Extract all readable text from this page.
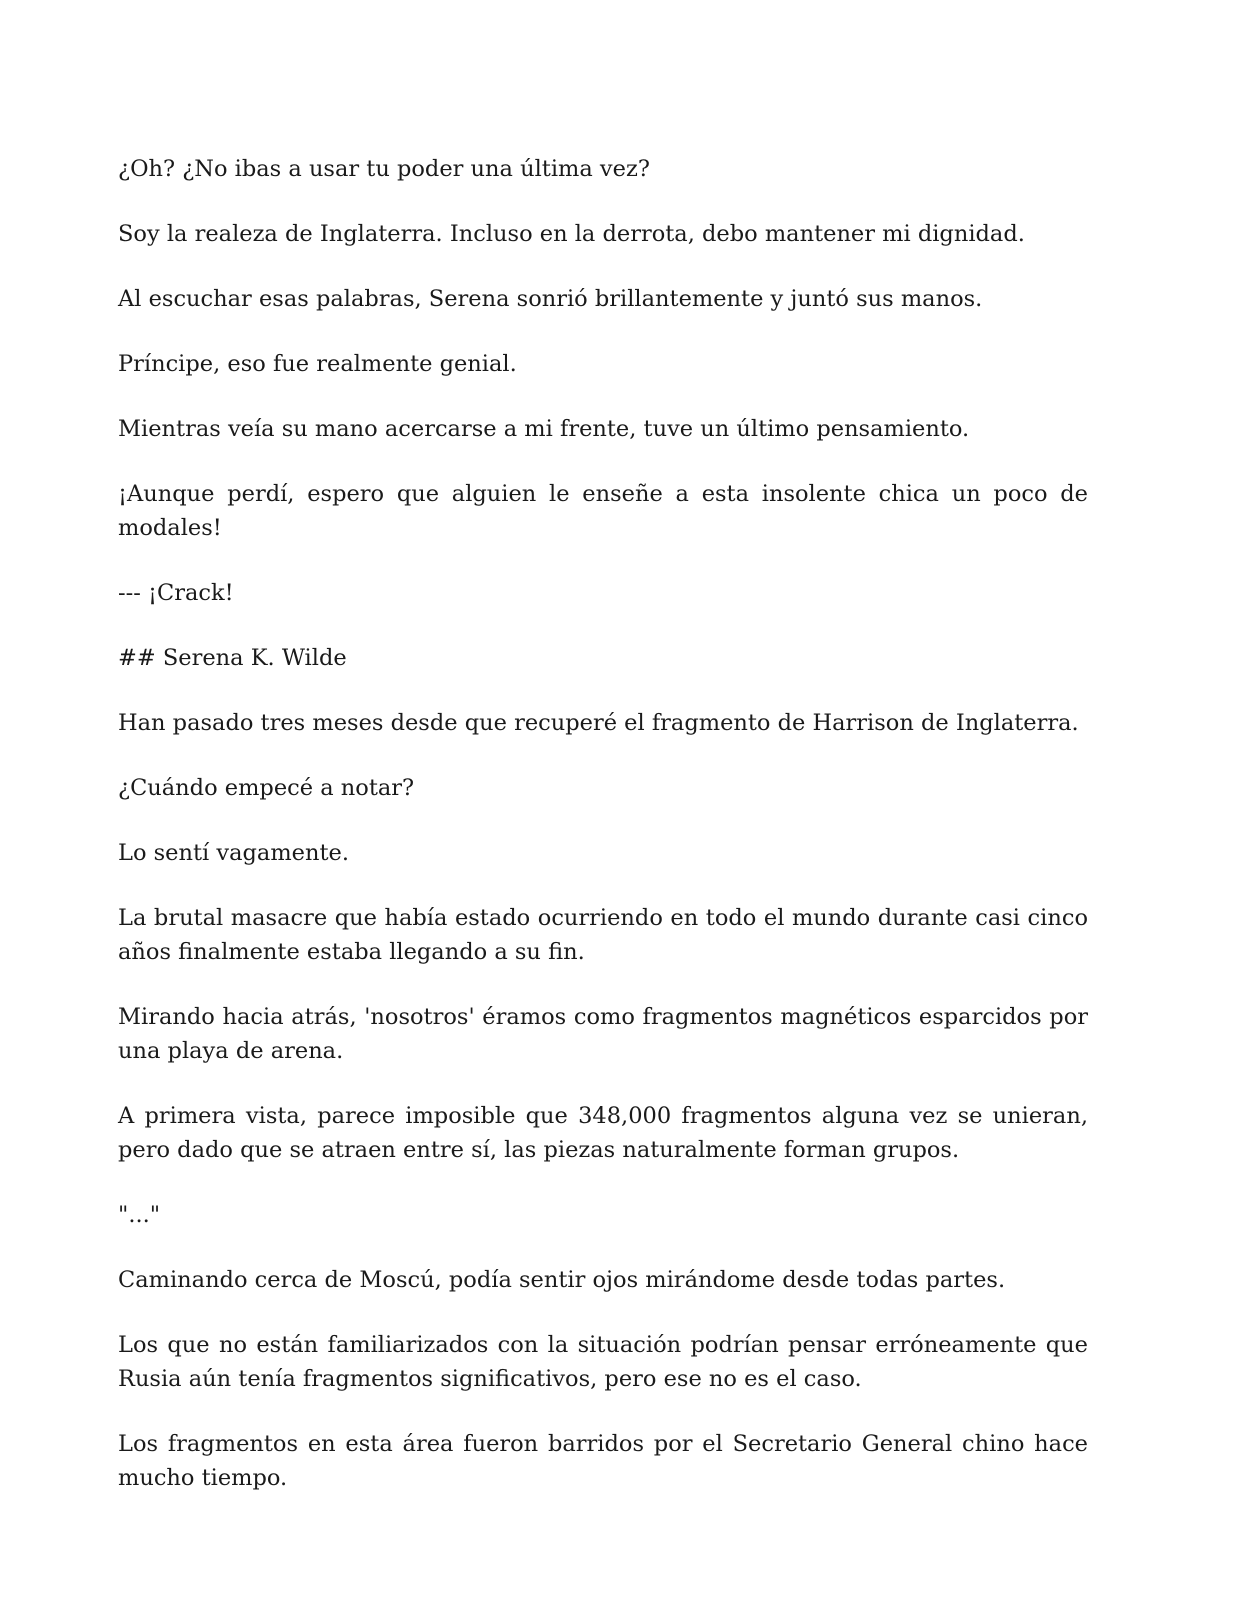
¿Oh? ¿No ibas a usar tu poder una última vez?

Soy la realeza de Inglaterra. Incluso en la derrota, debo mantener mi dignidad.

Al escuchar esas palabras, Serena sonrió brillantemente y juntó sus manos.

Príncipe, eso fue realmente genial.

Mientras veía su mano acercarse a mi frente, tuve un último pensamiento.

¡Aunque perdí, espero que alguien le enseñe a esta insolente chica un poco de modales!

--- ¡Crack!

## Serena K. Wilde

Han pasado tres meses desde que recuperé el fragmento de Harrison de Inglaterra.

¿Cuándo empecé a notar?

Lo sentí vagamente.

La brutal masacre que había estado ocurriendo en todo el mundo durante casi cinco años finalmente estaba llegando a su fin.

Mirando hacia atrás, 'nosotros' éramos como fragmentos magnéticos esparcidos por una playa de arena.

A primera vista, parece imposible que 348,000 fragmentos alguna vez se unieran, pero dado que se atraen entre sí, las piezas naturalmente forman grupos.

"..."

Caminando cerca de Moscú, podía sentir ojos mirándome desde todas partes.

Los que no están familiarizados con la situación podrían pensar erróneamente que Rusia aún tenía fragmentos significativos, pero ese no es el caso.

Los fragmentos en esta área fueron barridos por el Secretario General chino hace mucho tiempo.
